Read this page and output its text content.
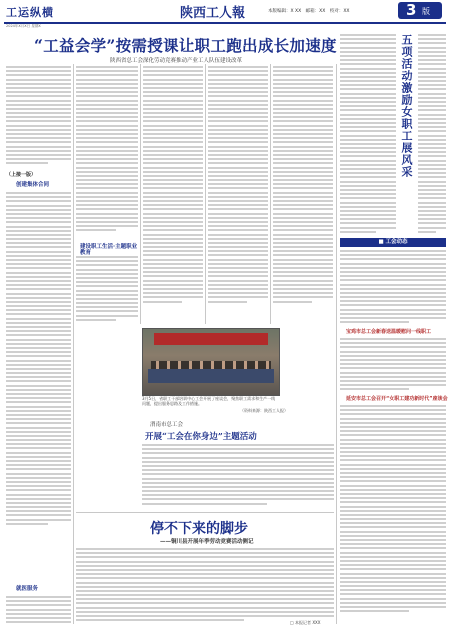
工运纵横	陕西工人報	本版编辑：X XX　邮箱：XX　校对：XX	3 版
2024年X月X日 星期X
“工益会学”按需授课让职工跑出成长加速度
陕西省总工会深化劳动竞赛推动产业工人队伍建设改革
（上接一版）
创建集体合同
就医服务
建设职工生活·主题职业教育
五项活动激励女职工展风采
■ 工会动态
宝鸡市总工会新春送温暖慰问一线职工
延安市总工会召开“女职工建功新时代”座谈会
3月5日，省职工干部培训中心工会开展了座谈会，聚焦职工需求和生产一线问题，提出服务思路及工作措施。
（资料来源：陕西工人报）
渭南市总工会
开展“工会在你身边”主题活动
停不下来的脚步
——铜川县开展年季劳动竞赛活动侧记
□ 本报记者 XXX
